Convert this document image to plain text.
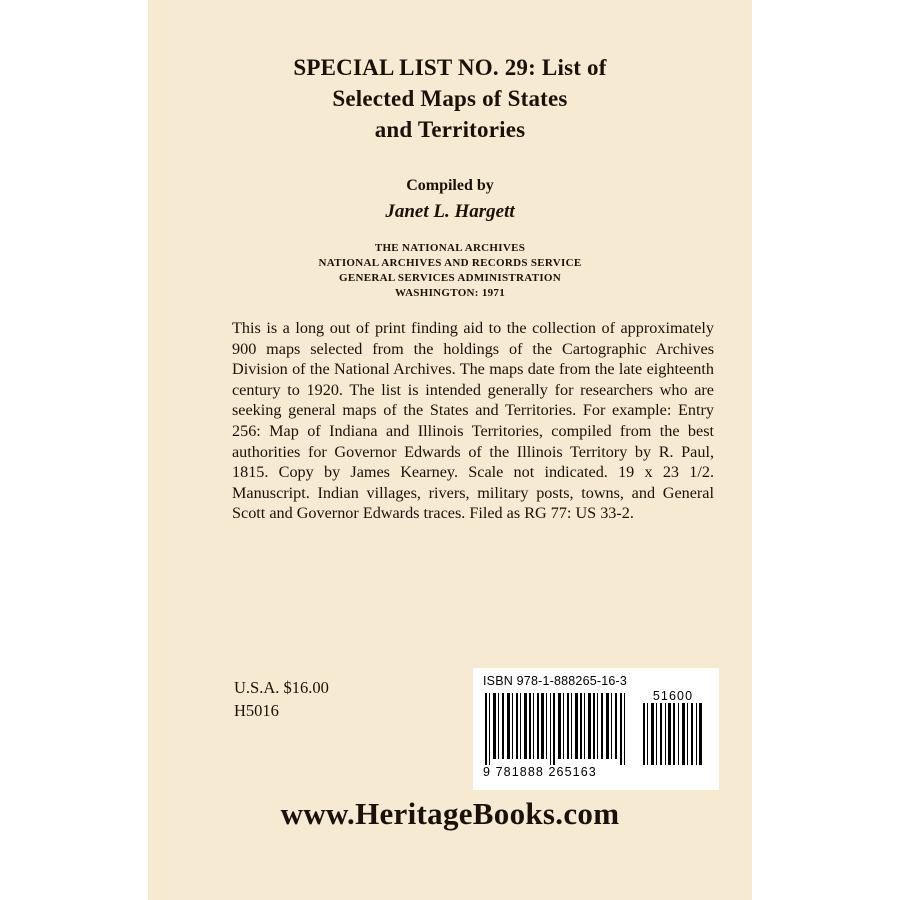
SPECIAL LIST NO. 29: List of
Selected Maps of States
and Territories
Compiled by
Janet L. Hargett
THE NATIONAL ARCHIVES
NATIONAL ARCHIVES AND RECORDS SERVICE
GENERAL SERVICES ADMINISTRATION
WASHINGTON: 1971
This is a long out of print finding aid to the collection of approximately 900 maps selected from the holdings of the Cartographic Archives Division of the National Archives. The maps date from the late eighteenth century to 1920. The list is intended generally for researchers who are seeking general maps of the States and Territories. For example: Entry 256: Map of Indiana and Illinois Territories, compiled from the best authorities for Governor Edwards of the Illinois Territory by R. Paul, 1815. Copy by James Kearney. Scale not indicated. 19 x 23 1/2. Manuscript. Indian villages, rivers, military posts, towns, and General Scott and Governor Edwards traces. Filed as RG 77: US 33-2.
U.S.A. $16.00
H5016
ISBN 978-1-888265-16-3
51600
9 781888 265163
www.HeritageBooks.com
